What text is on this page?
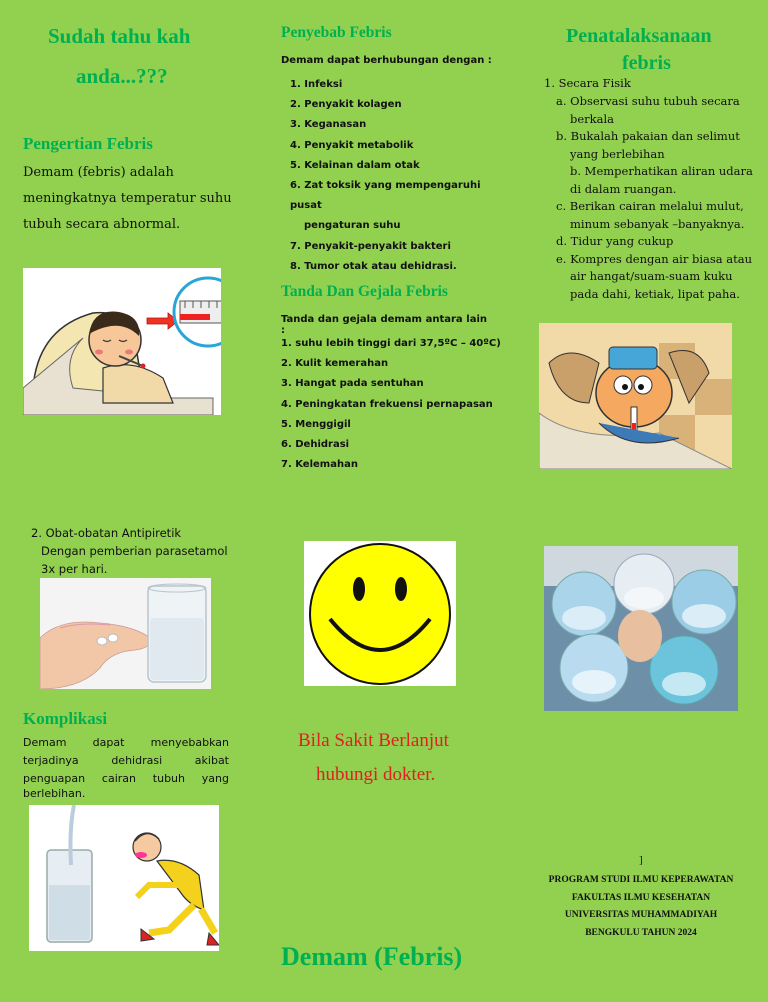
Sudah tahu kah
anda...???
Pengertian Febris
Demam (febris) adalah
meningkatnya temperatur suhu
tubuh secara abnormal.
2. Obat-obatan Antipiretik
Dengan pemberian parasetamol
3x per hari.
Komplikasi
Demam dapat menyebabkan
terjadinya dehidrasi akibat
penguapan cairan tubuh yang
berlebihan.
Penyebab Febris
Demam dapat berhubungan dengan :
1. Infeksi
2. Penyakit kolagen
3. Keganasan
4. Penyakit metabolik
5. Kelainan dalam otak
6. Zat toksik yang mempengaruhi pusat
pengaturan suhu
7. Penyakit-penyakit bakteri
8. Tumor otak atau dehidrasi.
Tanda Dan Gejala Febris
Tanda dan gejala demam antara lain :
1. suhu lebih tinggi dari 37,5ºC – 40ºC)
2. Kulit kemerahan
3. Hangat pada sentuhan
4. Peningkatan frekuensi pernapasan
5. Menggigil
6. Dehidrasi
7. Kelemahan
Bila Sakit Berlanjut
hubungi dokter.
Demam (Febris)
Penatalaksanaan
febris
1. Secara Fisik
a. Observasi suhu tubuh secara
berkala
b. Bukalah pakaian dan selimut
yang berlebihan
b. Memperhatikan aliran udara
di dalam ruangan.
c. Berikan cairan melalui mulut,
minum sebanyak –banyaknya.
d. Tidur yang cukup
e. Kompres dengan air biasa atau
air hangat/suam-suam kuku
pada dahi, ketiak, lipat paha.
]
PROGRAM STUDI ILMU KEPERAWATAN
FAKULTAS ILMU KESEHATAN
UNIVERSITAS MUHAMMADIYAH
BENGKULU TAHUN 2024
